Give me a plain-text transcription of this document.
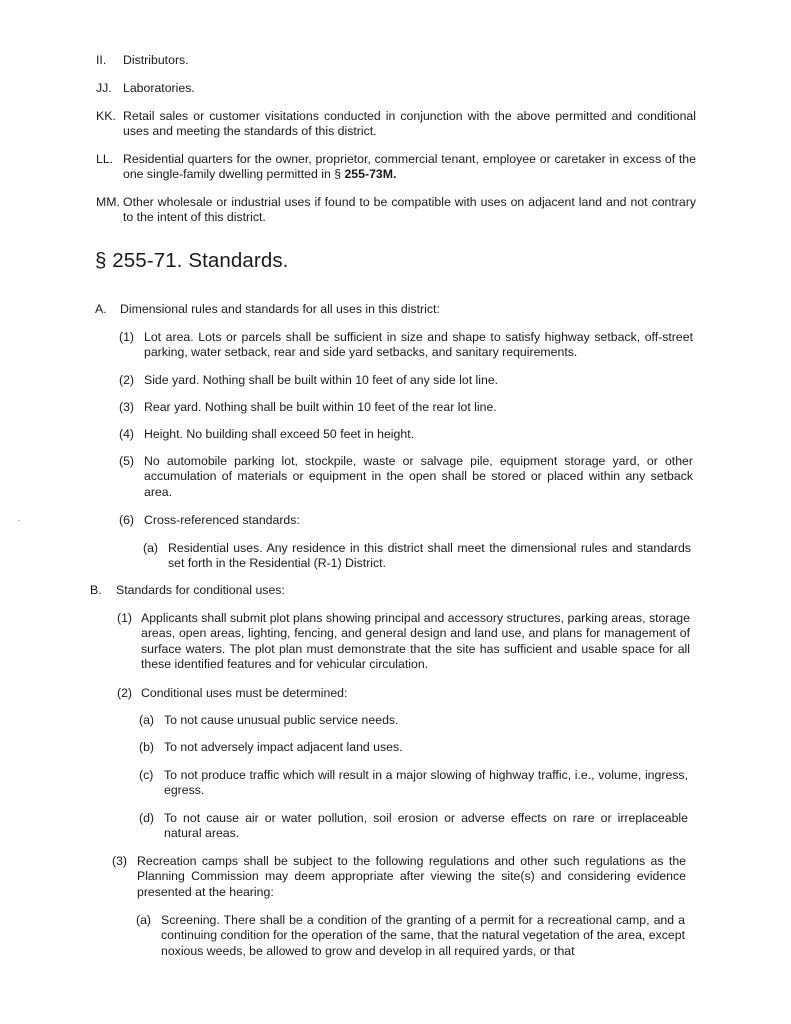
II.	Distributors.
JJ. Laboratories.
KK. Retail sales or customer visitations conducted in conjunction with the above permitted and conditional uses and meeting the standards of this district.
LL. Residential quarters for the owner, proprietor, commercial tenant, employee or caretaker in excess of the one single-family dwelling permitted in § 255-73M.
MM. Other wholesale or industrial uses if found to be compatible with uses on adjacent land and not contrary to the intent of this district.
§ 255-71. Standards.
A.	Dimensional rules and standards for all uses in this district:
(1) Lot area. Lots or parcels shall be sufficient in size and shape to satisfy highway setback, off-street parking, water setback, rear and side yard setbacks, and sanitary requirements.
(2) Side yard. Nothing shall be built within 10 feet of any side lot line.
(3) Rear yard. Nothing shall be built within 10 feet of the rear lot line.
(4) Height. No building shall exceed 50 feet in height.
(5) No automobile parking lot, stockpile, waste or salvage pile, equipment storage yard, or other accumulation of materials or equipment in the open shall be stored or placed within any setback area.
(6) Cross-referenced standards:
(a) Residential uses. Any residence in this district shall meet the dimensional rules and standards set forth in the Residential (R-1) District.
B.	Standards for conditional uses:
(1) Applicants shall submit plot plans showing principal and accessory structures, parking areas, storage areas, open areas, lighting, fencing, and general design and land use, and plans for management of surface waters. The plot plan must demonstrate that the site has sufficient and usable space for all these identified features and for vehicular circulation.
(2) Conditional uses must be determined:
(a) To not cause unusual public service needs.
(b) To not adversely impact adjacent land uses.
(c) To not produce traffic which will result in a major slowing of highway traffic, i.e., volume, ingress, egress.
(d) To not cause air or water pollution, soil erosion or adverse effects on rare or irreplaceable natural areas.
(3) Recreation camps shall be subject to the following regulations and other such regulations as the Planning Commission may deem appropriate after viewing the site(s) and considering evidence presented at the hearing:
(a) Screening. There shall be a condition of the granting of a permit for a recreational camp, and a continuing condition for the operation of the same, that the natural vegetation of the area, except noxious weeds, be allowed to grow and develop in all required yards, or that
